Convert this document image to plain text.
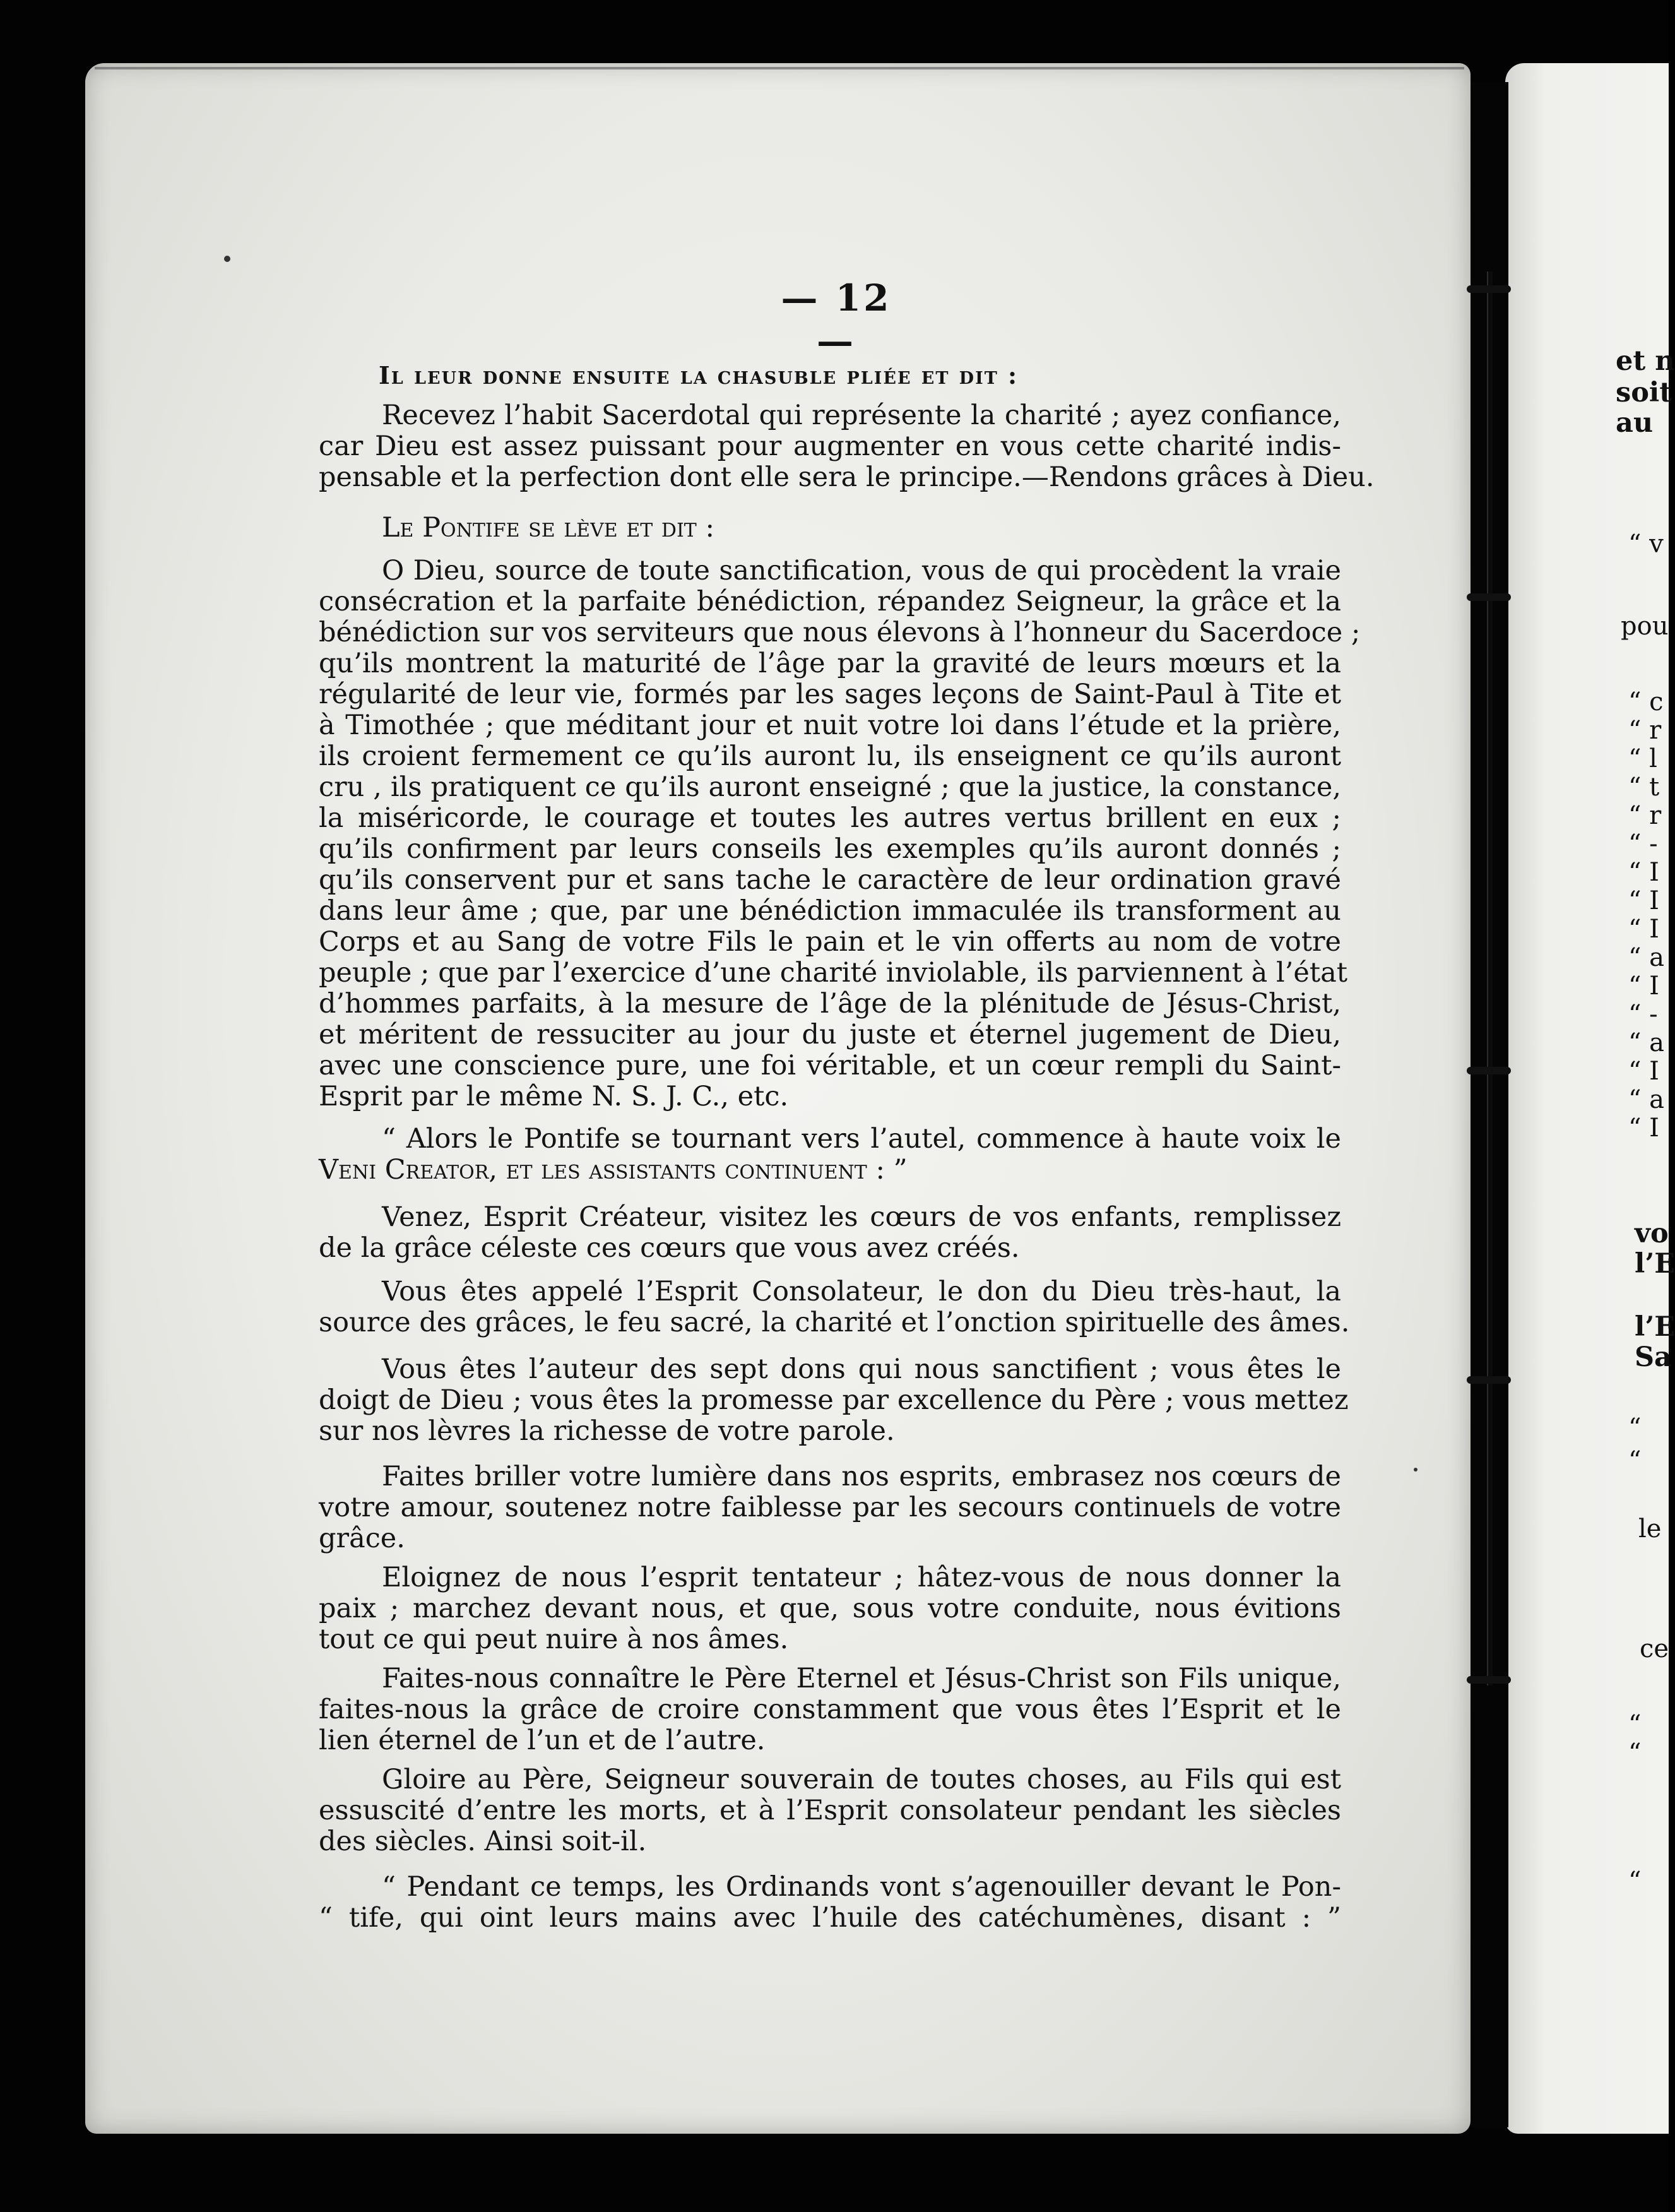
— 12 —
Il leur donne ensuite la chasuble pliée et dit :
Recevez l’habit Sacerdotal qui représente la charité ; ayez confiance,
car Dieu est assez puissant pour augmenter en vous cette charité indis-
pensable et la perfection dont elle sera le principe.—Rendons grâces à Dieu.
Le Pontife se lève et dit :
O Dieu, source de toute sanctification, vous de qui procèdent la vraie
consécration et la parfaite bénédiction, répandez Seigneur, la grâce et la
bénédiction sur vos serviteurs que nous élevons à l’honneur du Sacerdoce ;
qu’ils montrent la maturité de l’âge par la gravité de leurs mœurs et la
régularité de leur vie, formés par les sages leçons de Saint-Paul à Tite et
à Timothée ; que méditant jour et nuit votre loi dans l’étude et la prière,
ils croient fermement ce qu’ils auront lu, ils enseignent ce qu’ils auront
cru , ils pratiquent ce qu’ils auront enseigné ; que la justice, la constance,
la miséricorde, le courage et toutes les autres vertus brillent en eux ;
qu’ils confirment par leurs conseils les exemples qu’ils auront donnés ;
qu’ils conservent pur et sans tache le caractère de leur ordination gravé
dans leur âme ; que, par une bénédiction immaculée ils transforment au
Corps et au Sang de votre Fils le pain et le vin offerts au nom de votre
peuple ; que par l’exercice d’une charité inviolable, ils parviennent à l’état
d’hommes parfaits, à la mesure de l’âge de la plénitude de Jésus-Christ,
et méritent de ressuciter au jour du juste et éternel jugement de Dieu,
avec une conscience pure, une foi véritable, et un cœur rempli du Saint-
Esprit par le même N. S. J. C., etc.
“ Alors le Pontife se tournant vers l’autel, commence à haute voix le
Veni Creator, et les assistants continuent : ”
Venez, Esprit Créateur, visitez les cœurs de vos enfants, remplissez
de la grâce céleste ces cœurs que vous avez créés.
Vous êtes appelé l’Esprit Consolateur, le don du Dieu très-haut, la
source des grâces, le feu sacré, la charité et l’onction spirituelle des âmes.
Vous êtes l’auteur des sept dons qui nous sanctifient ; vous êtes le
doigt de Dieu ; vous êtes la promesse par excellence du Père ; vous mettez
sur nos lèvres la richesse de votre parole.
Faites briller votre lumière dans nos esprits, embrasez nos cœurs de
votre amour, soutenez notre faiblesse par les secours continuels de votre
grâce.
Eloignez de nous l’esprit tentateur ; hâtez-vous de nous donner la
paix ; marchez devant nous, et que, sous votre conduite, nous évitions
tout ce qui peut nuire à nos âmes.
Faites-nous connaître le Père Eternel et Jésus-Christ son Fils unique,
faites-nous la grâce de croire constamment que vous êtes l’Esprit et le
lien éternel de l’un et de l’autre.
Gloire au Père, Seigneur souverain de toutes choses, au Fils qui est
essuscité d’entre les morts, et à l’Esprit consolateur pendant les siècles
des siècles. Ainsi soit-il.
“ Pendant ce temps, les Ordinands vont s’agenouiller devant le Pon-
“ tife, qui oint leurs mains avec l’huile des catéchumènes, disant : ”
et n
soit
au
“ v
pou
“ c
“ r
“ l
“ t
“ r
“ -
“ I
“ I
“ I
“ a
“ I
“ -
“ a
“ I
“ a
“ I
vo
l’E
l’E
Sa
“
“
le
ce
“
“
“
